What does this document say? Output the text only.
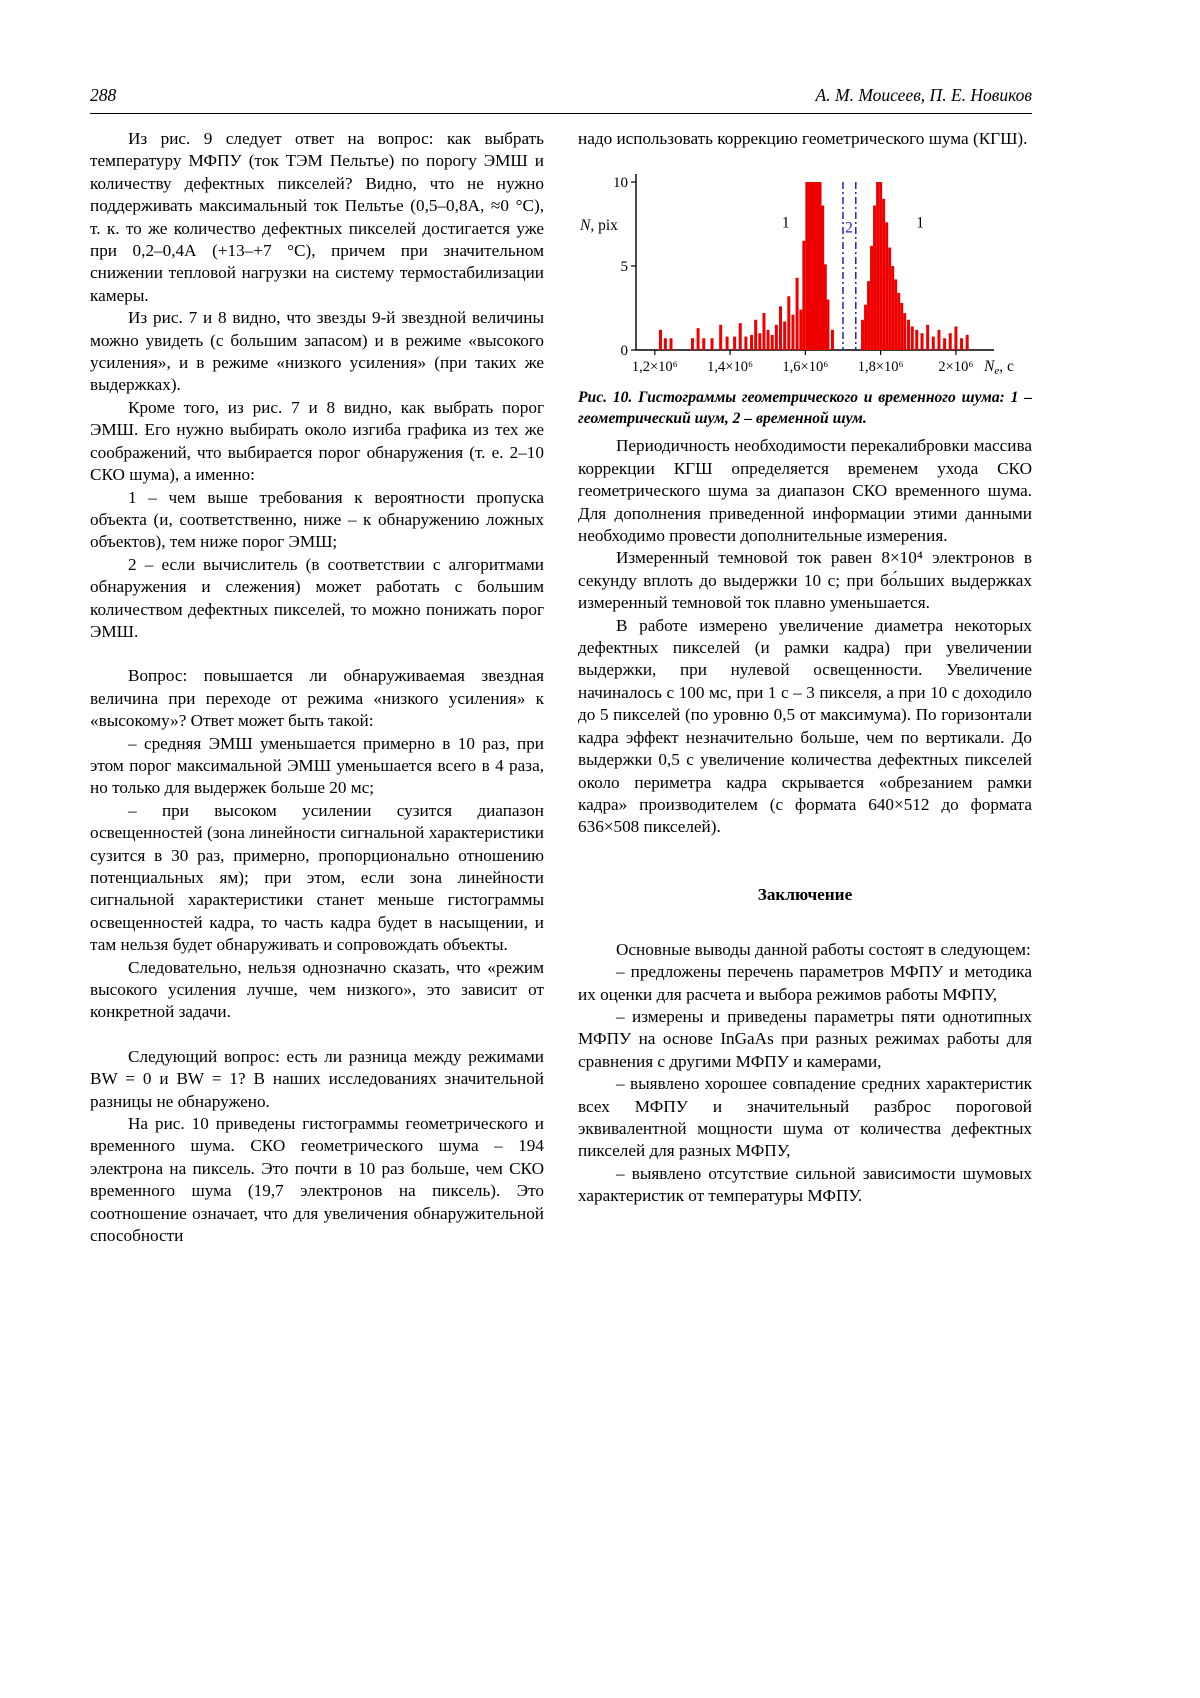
288	А. М. Моисеев, П. Е. Новиков

Из рис. 9 следует ответ на вопрос: как выбрать температуру МФПУ (ток ТЭМ Пельтье) по порогу ЭМШ и количеству дефектных пикселей? Видно, что не нужно поддерживать максимальный ток Пельтье (0,5–0,8А, ≈0 °С), т. к. то же количество дефектных пикселей достигается уже при 0,2–0,4А (+13–+7 °С), причем при значительном снижении тепловой нагрузки на систему термостабилизации камеры.

Из рис. 7 и 8 видно, что звезды 9-й звездной величины можно увидеть (с большим запасом) и в режиме «высокого усиления», и в режиме «низкого усиления» (при таких же выдержках).

Кроме того, из рис. 7 и 8 видно, как выбрать порог ЭМШ. Его нужно выбирать около изгиба графика из тех же соображений, что выбирается порог обнаружения (т. е. 2–10 СКО шума), а именно:

1 – чем выше требования к вероятности пропуска объекта (и, соответственно, ниже – к обнаружению ложных объектов), тем ниже порог ЭМШ;

2 – если вычислитель (в соответствии с алгоритмами обнаружения и слежения) может работать с большим количеством дефектных пикселей, то можно понижать порог ЭМШ.

Вопрос: повышается ли обнаруживаемая звездная величина при переходе от режима «низкого усиления» к «высокому»? Ответ может быть такой:

– средняя ЭМШ уменьшается примерно в 10 раз, при этом порог максимальной ЭМШ уменьшается всего в 4 раза, но только для выдержек больше 20 мс;

– при высоком усилении сузится диапазон освещенностей (зона линейности сигнальной характеристики сузится в 30 раз, примерно, пропорционально отношению потенциальных ям); при этом, если зона линейности сигнальной характеристики станет меньше гистограммы освещенностей кадра, то часть кадра будет в насыщении, и там нельзя будет обнаруживать и сопровождать объекты.

Следовательно, нельзя однозначно сказать, что «режим высокого усиления лучше, чем низкого», это зависит от конкретной задачи.

Следующий вопрос: есть ли разница между режимами BW = 0 и BW = 1? В наших исследованиях значительной разницы не обнаружено.

На рис. 10 приведены гистограммы геометрического и временного шума. СКО геометрического шума – 194 электрона на пиксель. Это почти в 10 раз больше, чем СКО временного шума (19,7 электронов на пиксель). Это соотношение означает, что для увеличения обнаружительной способности

надо использовать коррекцию геометрического шума (КГШ).

0
5
10
1,2×10⁶ 1,4×10⁶ 1,6×10⁶ 1,8×10⁶ 2×10⁶
1	2	1
N, pix
Nе, с
Рис. 10. Гистограммы геометрического и временного шума: 1 – геометрический шум, 2 – временной шум.

Периодичность необходимости перекалибровки массива коррекции КГШ определяется временем ухода СКО геометрического шума за диапазон СКО временного шума. Для дополнения приведенной информации этими данными необходимо провести дополнительные измерения.

Измеренный темновой ток равен 8×10⁴ электронов в секунду вплоть до выдержки 10 с; при бо́льших выдержках измеренный темновой ток плавно уменьшается.

В работе измерено увеличение диаметра некоторых дефектных пикселей (и рамки кадра) при увеличении выдержки, при нулевой освещенности. Увеличение начиналось с 100 мс, при 1 с – 3 пикселя, а при 10 с доходило до 5 пикселей (по уровню 0,5 от максимума). По горизонтали кадра эффект незначительно больше, чем по вертикали. До выдержки 0,5 с увеличение количества дефектных пикселей около периметра кадра скрывается «обрезанием рамки кадра» производителем (с формата 640×512 до формата 636×508 пикселей).

Заключение

Основные выводы данной работы состоят в следующем:

– предложены перечень параметров МФПУ и методика их оценки для расчета и выбора режимов работы МФПУ,

– измерены и приведены параметры пяти однотипных МФПУ на основе InGaAs при разных режимах работы для сравнения с другими МФПУ и камерами,

– выявлено хорошее совпадение средних характеристик всех МФПУ и значительный разброс пороговой эквивалентной мощности шума от количества дефектных пикселей для разных МФПУ,

– выявлено отсутствие сильной зависимости шумовых характеристик от температуры МФПУ.
